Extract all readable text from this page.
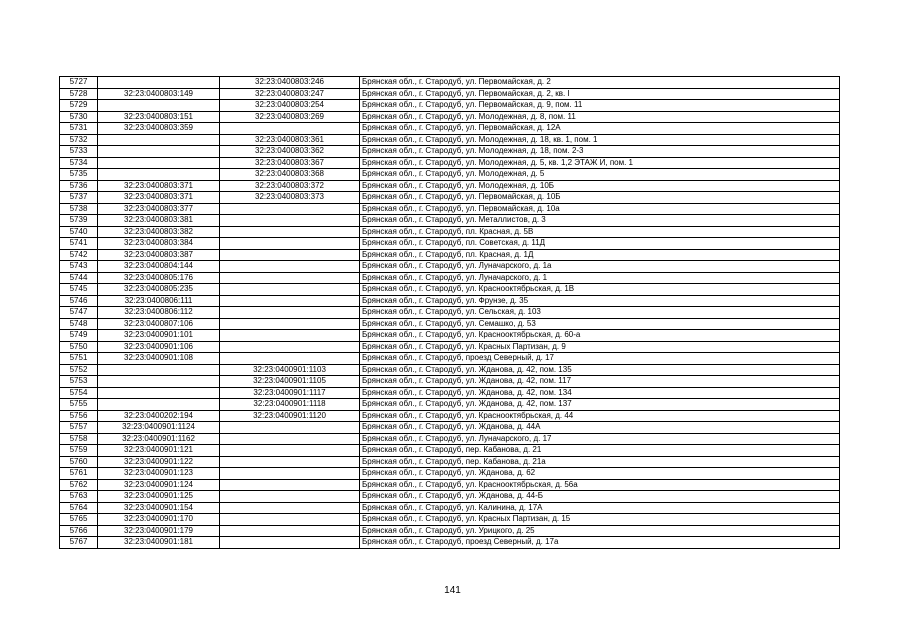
5727		32:23:0400803:246	Брянская обл., г. Стародуб, ул. Первомайская, д. 2
5728	32:23:0400803:149	32:23:0400803:247	Брянская обл., г. Стародуб, ул. Первомайская, д. 2, кв. I
5729		32:23:0400803:254	Брянская обл., г. Стародуб, ул. Первомайская, д. 9, пом. 11
5730	32:23:0400803:151	32:23:0400803:269	Брянская обл., г. Стародуб, ул. Молодежная, д. 8, пом. 11
5731	32:23:0400803:359		Брянская обл., г. Стародуб, ул. Первомайская, д. 12А
5732		32:23:0400803:361	Брянская обл., г. Стародуб, ул. Молодежная, д. 18, кв. 1, пом. 1
5733		32:23:0400803:362	Брянская обл., г. Стародуб, ул. Молодежная, д. 18, пом. 2-3
5734		32:23:0400803:367	Брянская обл., г. Стародуб, ул. Молодежная, д. 5, кв. 1,2 ЭТАЖ И, пом. 1
5735		32:23:0400803:368	Брянская обл., г. Стародуб, ул. Молодежная, д. 5
5736	32:23:0400803:371	32:23:0400803:372	Брянская обл., г. Стародуб, ул. Молодежная, д. 10Б
5737	32:23:0400803:371	32:23:0400803:373	Брянская обл., г. Стародуб, ул. Первомайская, д. 10Б
5738	32:23:0400803:377		Брянская обл., г. Стародуб, ул. Первомайская, д. 10а
5739	32:23:0400803:381		Брянская обл., г. Стародуб, ул. Металлистов, д. 3
5740	32:23:0400803:382		Брянская обл., г. Стародуб, пл. Красная, д. 5В
5741	32:23:0400803:384		Брянская обл., г. Стародуб, пл. Советская, д. 11Д
5742	32:23:0400803:387		Брянская обл., г. Стародуб, пл. Красная, д. 1Д
5743	32:23:0400804:144		Брянская обл., г. Стародуб, ул. Луначарского, д. 1а
5744	32:23:0400805:176		Брянская обл., г. Стародуб, ул. Луначарского, д. 1
5745	32:23:0400805:235		Брянская обл., г. Стародуб, ул. Краснооктябрьская, д. 1В
5746	32:23:0400806:111		Брянская обл., г. Стародуб, ул. Фрунзе, д. 35
5747	32:23:0400806:112		Брянская обл., г. Стародуб, ул. Сельская, д. 103
5748	32:23:0400807:106		Брянская обл., г. Стародуб, ул. Семашко, д. 53
5749	32:23:0400901:101		Брянская обл., г. Стародуб, ул. Краснооктябрьская, д. 60-а
5750	32:23:0400901:106		Брянская обл., г. Стародуб, ул. Красных Партизан, д. 9
5751	32:23:0400901:108		Брянская обл., г. Стародуб, проезд Северный, д. 17
5752		32:23:0400901:1103	Брянская обл., г. Стародуб, ул. Жданова, д. 42, пом. 135
5753		32:23:0400901:1105	Брянская обл., г. Стародуб, ул. Жданова, д. 42, пом. 117
5754		32:23:0400901:1117	Брянская обл., г. Стародуб, ул. Жданова, д. 42, пом. 134
5755		32:23:0400901:1118	Брянская обл., г. Стародуб, ул. Жданова, д. 42, пом. 137
5756	32:23:0400202:194	32:23:0400901:1120	Брянская обл., г. Стародуб, ул. Краснооктябрьская, д. 44
5757	32:23:0400901:1124		Брянская обл., г. Стародуб, ул. Жданова, д. 44А
5758	32:23:0400901:1162		Брянская обл., г. Стародуб, ул. Луначарского, д. 17
5759	32:23:0400901:121		Брянская обл., г. Стародуб, пер. Кабанова, д. 21
5760	32:23:0400901:122		Брянская обл., г. Стародуб, пер. Кабанова, д. 21а
5761	32:23:0400901:123		Брянская обл., г. Стародуб, ул. Жданова, д. 62
5762	32:23:0400901:124		Брянская обл., г. Стародуб, ул. Краснооктябрьская, д. 56а
5763	32:23:0400901:125		Брянская обл., г. Стародуб, ул. Жданова, д. 44-Б
5764	32:23:0400901:154		Брянская обл., г. Стародуб, ул. Калинина, д. 17А
5765	32:23:0400901:170		Брянская обл., г. Стародуб, ул. Красных Партизан, д. 15
5766	32:23:0400901:179		Брянская обл., г. Стародуб, ул. Урицкого, д. 25
5767	32:23:0400901:181		Брянская обл., г. Стародуб, проезд Северный, д. 17а
141
